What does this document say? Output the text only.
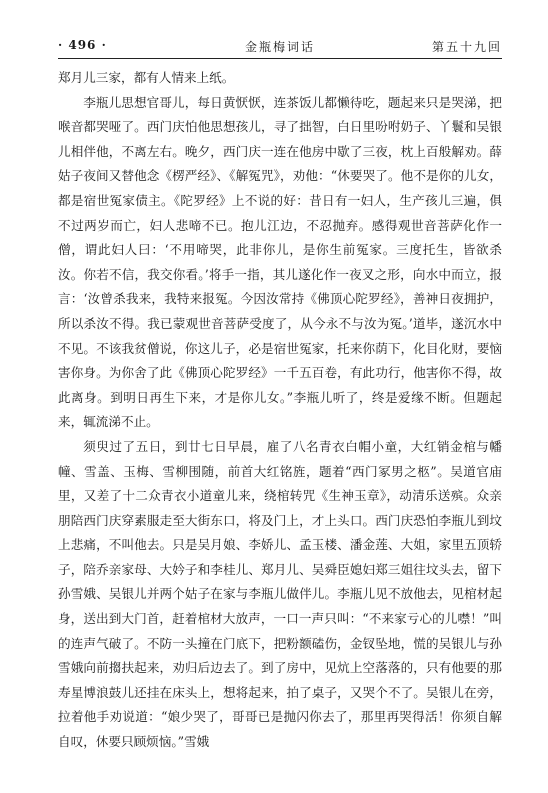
· 496 ·	金瓶梅词话	第五十九回

郑月儿三家，都有人情来上纸。

李瓶儿思想官哥儿，每日黄恹恹，连茶饭儿都懒待吃，题起来只是哭涕，把喉音都哭哑了。西门庆怕他思想孩儿，寻了拙智，白日里吩咐奶子、丫鬟和吴银儿相伴他，不离左右。晚夕，西门庆一连在他房中歇了三夜，枕上百般解劝。薛姑子夜间又替他念《楞严经》、《解冤咒》，劝他：“休要哭了。他不是你的儿女，都是宿世冤家债主。《陀罗经》上不说的好：昔日有一妇人，生产孩儿三遍，俱不过两岁而亡，妇人悲啼不已。抱儿江边，不忍抛弃。感得观世音菩萨化作一僧，谓此妇人曰：‘不用啼哭，此非你儿，是你生前冤家。三度托生，皆欲杀汝。你若不信，我交你看。’将手一指，其儿遂化作一夜叉之形，向水中而立，报言：‘汝曾杀我来，我特来报冤。今因汝常持《佛顶心陀罗经》，善神日夜拥护，所以杀汝不得。我已蒙观世音菩萨受度了，从今永不与汝为冤。’道毕，遂沉水中不见。不该我贫僧说，你这儿子，必是宿世冤家，托来你荫下，化目化财，要恼害你身。为你舍了此《佛顶心陀罗经》一千五百卷，有此功行，他害你不得，故此离身。到明日再生下来，才是你儿女。”李瓶儿听了，终是爱缘不断。但题起来，辄流涕不止。

须臾过了五日，到廿七日早晨，雇了八名青衣白帽小童，大红销金棺与幡幢、雪盖、玉梅、雪柳围随，前首大红铭旌，题着“西门冢男之柩”。吴道官庙里，又差了十二众青衣小道童儿来，绕棺转咒《生神玉章》，动清乐送殡。众亲朋陪西门庆穿素服走至大街东口，将及门上，才上头口。西门庆恐怕李瓶儿到坟上悲痛，不叫他去。只是吴月娘、李娇儿、孟玉楼、潘金莲、大姐，家里五顶轿子，陪乔亲家母、大妗子和李桂儿、郑月儿、吴舜臣媳妇郑三姐往坟头去，留下孙雪娥、吴银儿并两个姑子在家与李瓶儿做伴儿。李瓶儿见不放他去，见棺材起身，送出到大门首，赶着棺材大放声，一口一声只叫：“不来家亏心的儿噤！”叫的连声气破了。不防一头撞在门底下，把粉额磕伤，金钗坠地，慌的吴银儿与孙雪娥向前搊扶起来，劝归后边去了。到了房中，见炕上空落落的，只有他要的那寿星博浪鼓儿还挂在床头上，想将起来，拍了桌子，又哭个不了。吴银儿在旁，拉着他手劝说道：“娘少哭了，哥哥已是抛闪你去了，那里再哭得活！你须自解自叹，休要只顾烦恼。”雪娥
